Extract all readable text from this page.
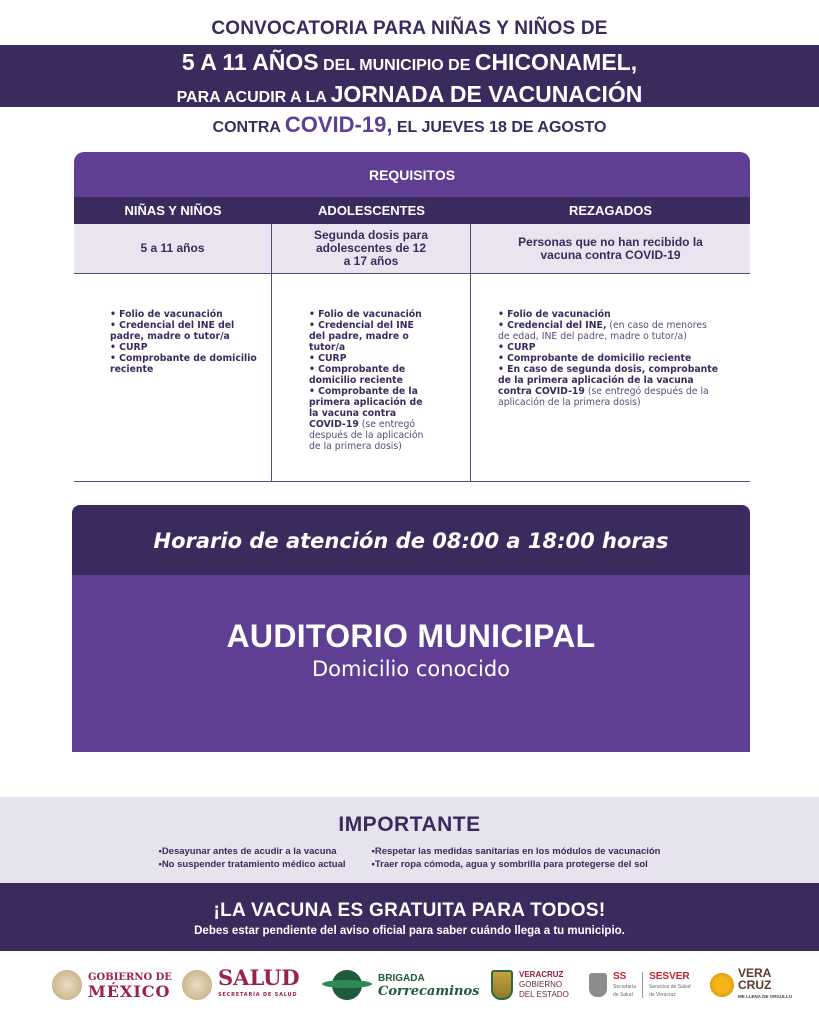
CONVOCATORIA PARA NIÑAS Y NIÑOS DE
5 A 11 AÑOS DEL MUNICIPIO DE CHICONAMEL,
PARA ACUDIR A LA JORNADA DE VACUNACIÓN
CONTRA COVID-19, EL JUEVES 18 DE AGOSTO
REQUISITOS
NIÑAS Y NIÑOS	ADOLESCENTES	REZAGADOS
5 a 11 años
Segunda dosis para adolescentes de 12 a 17 años
Personas que no han recibido la vacuna contra COVID-19
• Folio de vacunación
• Credencial del INE del padre, madre o tutor/a
• CURP
• Comprobante de domicilio reciente
• Folio de vacunación
• Credencial del INE del padre, madre o tutor/a
• CURP
• Comprobante de domicilio reciente
• Comprobante de la primera aplicación de la vacuna contra COVID-19 (se entregó después de la aplicación de la primera dosis)
• Folio de vacunación
• Credencial del INE, (en caso de menores de edad, INE del padre, madre o tutor/a)
• CURP
• Comprobante de domicilio reciente
• En caso de segunda dosis, comprobante de la primera aplicación de la vacuna contra COVID-19 (se entregó después de la aplicación de la primera dosis)
Horario de atención de 08:00 a 18:00 horas
AUDITORIO MUNICIPAL
Domicilio conocido
IMPORTANTE
• Desayunar antes de acudir a la vacuna
• No suspender tratamiento médico actual
• Respetar las medidas sanitarias en los módulos de vacunación
• Traer ropa cómoda, agua y sombrilla para protegerse del sol
¡LA VACUNA ES GRATUITA PARA TODOS!
Debes estar pendiente del aviso oficial para saber cuándo llega a tu municipio.
GOBIERNO DE
MÉXICO
SALUD
SECRETARÍA DE SALUD
BRIGADA
Correcaminos
VERACRUZ
GOBIERNO
DEL ESTADO
SS
Secretaría
de Salud
SESVER
Servicios de Salud
de Veracruz
VERA
CRUZ
ME LLENA DE ORGULLO
